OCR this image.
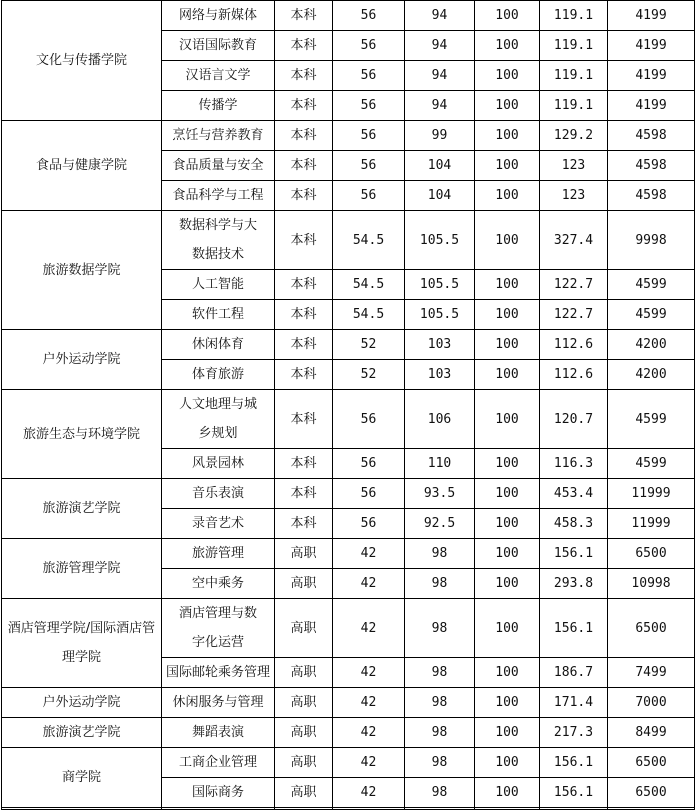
文化与传播学院	网络与新媒体	本科	56	94	100	119.1	4199
	汉语国际教育	本科	56	94	100	119.1	4199
	汉语言文学	本科	56	94	100	119.1	4199
	传播学	本科	56	94	100	119.1	4199
食品与健康学院	烹饪与营养教育	本科	56	99	100	129.2	4598
	食品质量与安全	本科	56	104	100	123	4598
	食品科学与工程	本科	56	104	100	123	4598
旅游数据学院	数据科学与大数据技术	本科	54.5	105.5	100	327.4	9998
	人工智能	本科	54.5	105.5	100	122.7	4599
	软件工程	本科	54.5	105.5	100	122.7	4599
户外运动学院	休闲体育	本科	52	103	100	112.6	4200
	体育旅游	本科	52	103	100	112.6	4200
旅游生态与环境学院	人文地理与城乡规划	本科	56	106	100	120.7	4599
	风景园林	本科	56	110	100	116.3	4599
旅游演艺学院	音乐表演	本科	56	93.5	100	453.4	11999
	录音艺术	本科	56	92.5	100	458.3	11999
旅游管理学院	旅游管理	高职	42	98	100	156.1	6500
	空中乘务	高职	42	98	100	293.8	10998
酒店管理学院/国际酒店管理学院	酒店管理与数字化运营	高职	42	98	100	156.1	6500
	国际邮轮乘务管理	高职	42	98	100	186.7	7499
户外运动学院	休闲服务与管理	高职	42	98	100	171.4	7000
旅游演艺学院	舞蹈表演	高职	42	98	100	217.3	8499
商学院	工商企业管理	高职	42	98	100	156.1	6500
	国际商务	高职	42	98	100	156.1	6500
